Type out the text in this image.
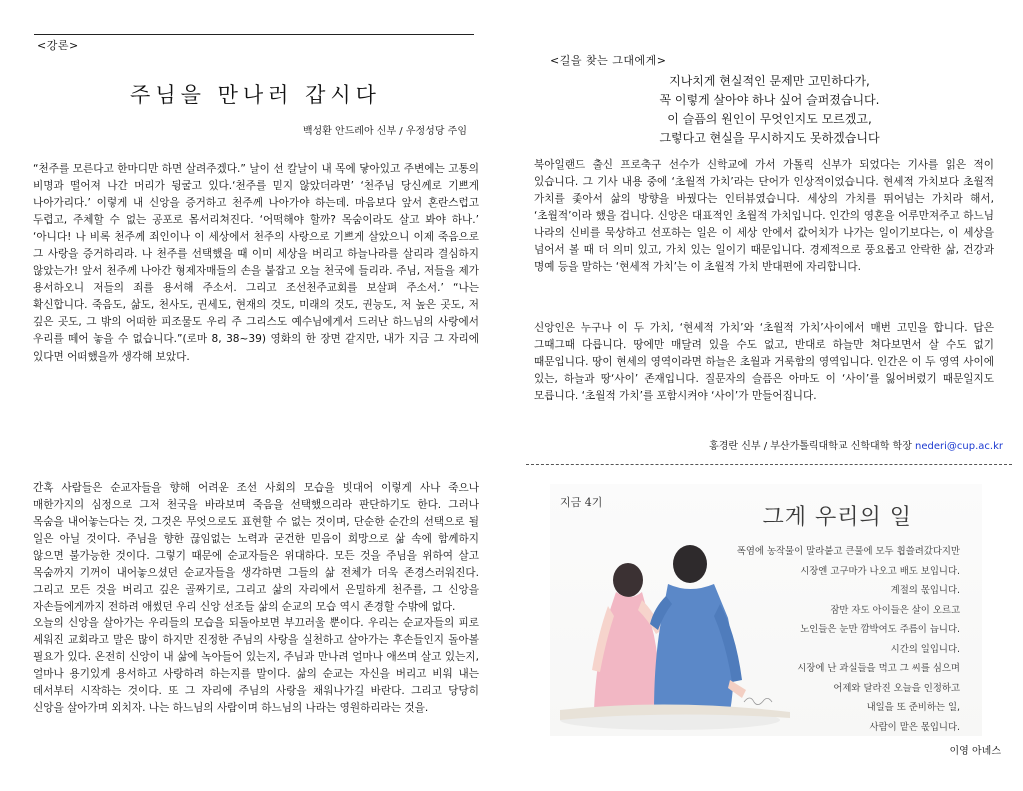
<강론>
주님을 만나러 갑시다
백성환 안드레아 신부 / 우정성당 주임

“천주를 모른다고 한마디만 하면 살려주겠다.” 날이 선 칼날이 내 목에 닿아있고 주변에는 고통의 비명과 떨어져 나간 머리가 뒹굴고 있다.‘천주를 믿지 않았더라면’ ‘천주님 당신께로 기쁘게 나아가리다.’ 이렇게 내 신앙을 증거하고 천주께 나아가야 하는데. 마음보다 앞서 혼란스럽고 두렵고, 주체할 수 없는 공포로 몸서리쳐진다. ‘어떡해야 할까? 목숨이라도 살고 봐야 하나.’ ‘아니다! 나 비록 천주께 죄인이나 이 세상에서 천주의 사랑으로 기쁘게 살았으니 이제 죽음으로 그 사랑을 증거하리라. 나 천주를 선택했을 때 이미 세상을 버리고 하늘나라를 살리라 결심하지 않았는가! 앞서 천주께 나아간 형제자매들의 손을 붙잡고 오늘 천국에 들리라. 주님, 저들을 제가 용서하오니 저들의 죄를 용서해 주소서. 그리고 조선천주교회를 보살펴 주소서.’ “나는 확신합니다. 죽음도, 삶도, 천사도, 권세도, 현재의 것도, 미래의 것도, 권능도, 저 높은 곳도, 저 깊은 곳도, 그 밖의 어떠한 피조물도 우리 주 그리스도 예수님에게서 드러난 하느님의 사랑에서 우리를 떼어 놓을 수 없습니다.”(로마 8, 38~39) 영화의 한 장면 같지만, 내가 지금 그 자리에 있다면 어떠했을까 생각해 보았다.

간혹 사람들은 순교자들을 향해 어려운 조선 사회의 모습을 빗대어 이렇게 사나 죽으나 매한가지의 심정으로 그저 천국을 바라보며 죽음을 선택했으리라 판단하기도 한다. 그러나 목숨을 내어놓는다는 것, 그것은 무엇으로도 표현할 수 없는 것이며, 단순한 순간의 선택으로 될 일은 아닐 것이다. 주님을 향한 끊임없는 노력과 굳건한 믿음이 희망으로 삶 속에 함께하지 않으면 불가능한 것이다. 그렇기 때문에 순교자들은 위대하다. 모든 것을 주님을 위하여 살고 목숨까지 기꺼이 내어놓으셨던 순교자들을 생각하면 그들의 삶 전체가 더욱 존경스러워진다. 그리고 모든 것을 버리고 깊은 골짜기로, 그리고 삶의 자리에서 은밀하게 천주를, 그 신앙을 자손들에게까지 전하려 애썼던 우리 신앙 선조들 삶의 순교의 모습 역시 존경할 수밖에 없다.

오늘의 신앙을 살아가는 우리들의 모습을 되돌아보면 부끄러울 뿐이다. 우리는 순교자들의 피로 세워진 교회라고 말은 많이 하지만 진정한 주님의 사랑을 실천하고 살아가는 후손들인지 돌아볼 필요가 있다. 온전히 신앙이 내 삶에 녹아들어 있는지, 주님과 만나려 얼마나 애쓰며 살고 있는지, 얼마나 용기있게 용서하고 사랑하려 하는지를 말이다. 삶의 순교는 자신을 버리고 비워 내는 데서부터 시작하는 것이다. 또 그 자리에 주님의 사랑을 채워나가길 바란다. 그리고 당당히 신앙을 살아가며 외치자. 나는 하느님의 사람이며 하느님의 나라는 영원하리라는 것을.

<길을 찾는 그대에게>
지나치게 현실적인 문제만 고민하다가,
꼭 이렇게 살아야 하나 싶어 슬퍼졌습니다.
이 슬픔의 원인이 무엇인지도 모르겠고,
그렇다고 현실을 무시하지도 못하겠습니다

북아일랜드 출신 프로축구 선수가 신학교에 가서 가톨릭 신부가 되었다는 기사를 읽은 적이 있습니다. 그 기사 내용 중에 ‘초월적 가치’라는 단어가 인상적이었습니다. 현세적 가치보다 초월적 가치를 좇아서 삶의 방향을 바꿨다는 인터뷰였습니다. 세상의 가치를 뛰어넘는 가치라 해서, ‘초월적’이라 했을 겁니다. 신앙은 대표적인 초월적 가치입니다. 인간의 영혼을 어루만져주고 하느님 나라의 신비를 묵상하고 선포하는 일은 이 세상 안에서 값어치가 나가는 일이기보다는, 이 세상을 넘어서 볼 때 더 의미 있고, 가치 있는 일이기 때문입니다. 경제적으로 풍요롭고 안락한 삶, 건강과 명예 등을 말하는 ‘현세적 가치’는 이 초월적 가치 반대편에 자리합니다.

신앙인은 누구나 이 두 가치, ‘현세적 가치’와 ‘초월적 가치’사이에서 매번 고민을 합니다. 답은 그때그때 다릅니다. 땅에만 매달려 있을 수도 없고, 반대로 하늘만 쳐다보면서 살 수도 없기 때문입니다. 땅이 현세의 영역이라면 하늘은 초월과 거룩함의 영역입니다. 인간은 이 두 영역 사이에 있는, 하늘과 땅‘사이’ 존재입니다. 질문자의 슬픔은 아마도 이 ‘사이’를 잃어버렸기 때문일지도 모릅니다. ‘초월적 가치’를 포함시켜야 ‘사이’가 만들어집니다.

홍경란 신부 / 부산가톨릭대학교 신학대학 학장 nederi@cup.ac.kr
지금 4기
그게 우리의 일
폭염에 농작물이 말라붙고 큰물에 모두 휩쓸려갔다지만
시장엔 고구마가 나오고 배도 보입니다.
계절의 몫입니다.
잠만 자도 아이들은 살이 오르고
노인들은 눈만 깜박여도 주름이 늡니다.
시간의 일입니다.
시장에 난 과실들을 먹고 그 씨를 심으며
어제와 달라진 오늘을 인정하고
내일을 또 준비하는 일,
사람이 맡은 몫입니다.
이영 아녜스
